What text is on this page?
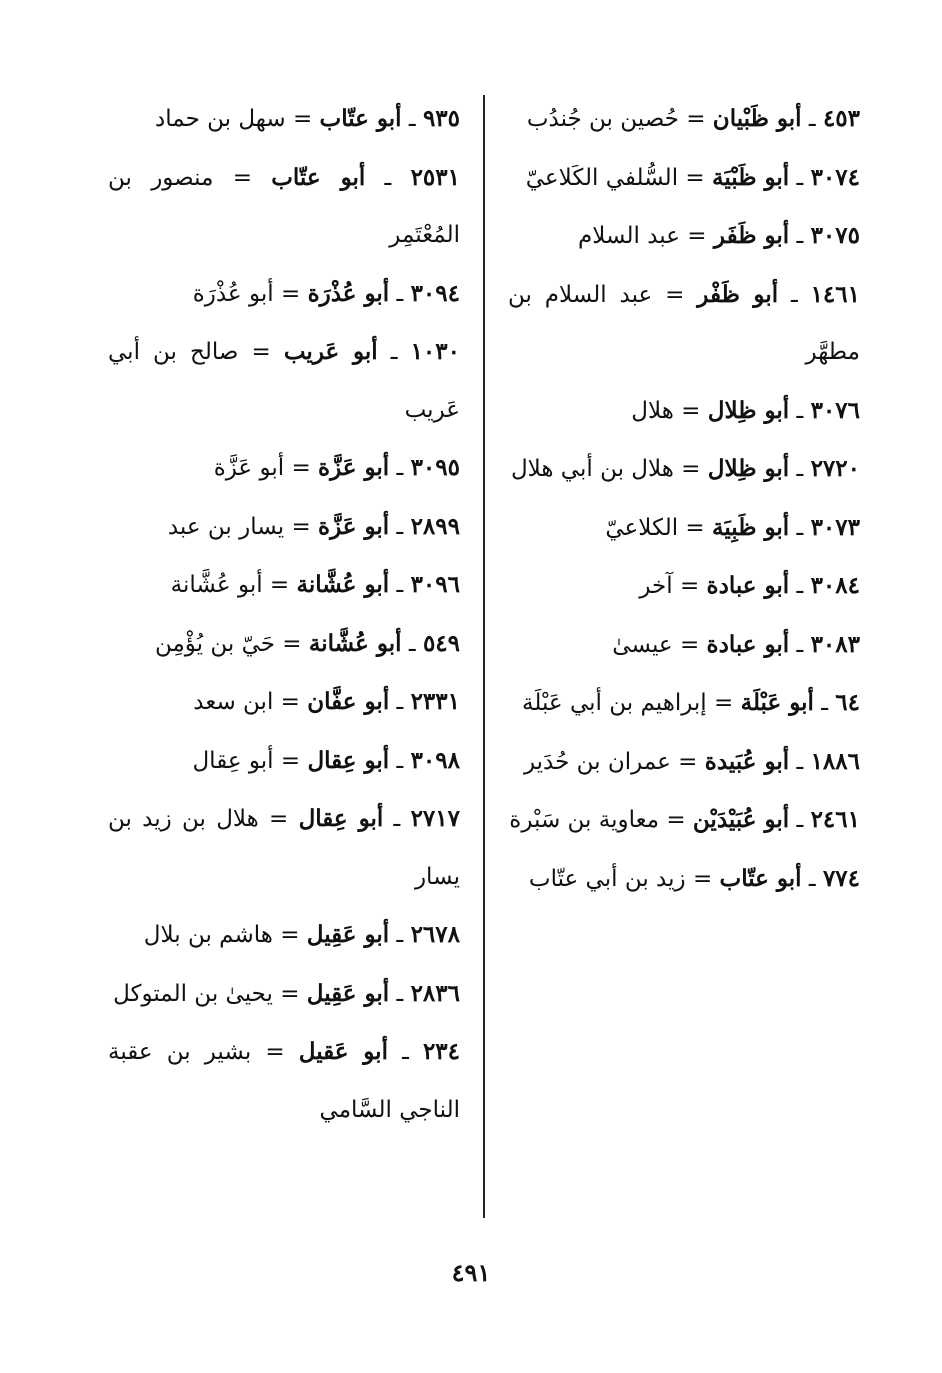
٤٥٣ ـ أبو ظَبْيان = حُصين بن جُندُب

٣٠٧٤ ـ أبو ظَبْيَة = السُّلفي الكَلاعيّ

٣٠٧٥ ـ أبو ظَفَر = عبد السلام

١٤٦١ ـ أبو ظَفْر = عبد السلام بن مطهَّر

٣٠٧٦ ـ أبو ظِلال = هلال

٢٧٢٠ ـ أبو ظِلال = هلال بن أبي هلال

٣٠٧٣ ـ أبو ظَبِيَة = الكلاعيّ

٣٠٨٤ ـ أبو عبادة = آخر

٣٠٨٣ ـ أبو عبادة = عيسىٰ

٦٤ ـ أبو عَبْلَة = إبراهيم بن أبي عَبْلَة

١٨٨٦ ـ أبو عُبَيدة = عمران بن حُدَير

٢٤٦١ ـ أبو عُبَيْدَيْن = معاوية بن سَبْرة

٧٧٤ ـ أبو عتّاب = زيد بن أبي عتّاب

٩٣٥ ـ أبو عتّاب = سهل بن حماد

٢٥٣١ ـ أبو عتّاب = منصور بن المُعْتَمِر

٣٠٩٤ ـ أبو عُذْرَة = أبو عُذْرَة

١٠٣٠ ـ أبو عَريب = صالح بن أبي عَريب

٣٠٩٥ ـ أبو عَزَّة = أبو عَزَّة

٢٨٩٩ ـ أبو عَزَّة = يسار بن عبد

٣٠٩٦ ـ أبو عُشَّانة = أبو عُشَّانة

٥٤٩ ـ أبو عُشَّانة = حَيّ بن يُؤْمِن

٢٣٣١ ـ أبو عفَّان = ابن سعد

٣٠٩٨ ـ أبو عِقال = أبو عِقال

٢٧١٧ ـ أبو عِقال = هلال بن زيد بن يسار

٢٦٧٨ ـ أبو عَقِيل = هاشم بن بلال

٢٨٣٦ ـ أبو عَقِيل = يحيىٰ بن المتوكل

٢٣٤ ـ أبو عَقيل = بشير بن عقبة الناجي السَّامي

٤٩١
